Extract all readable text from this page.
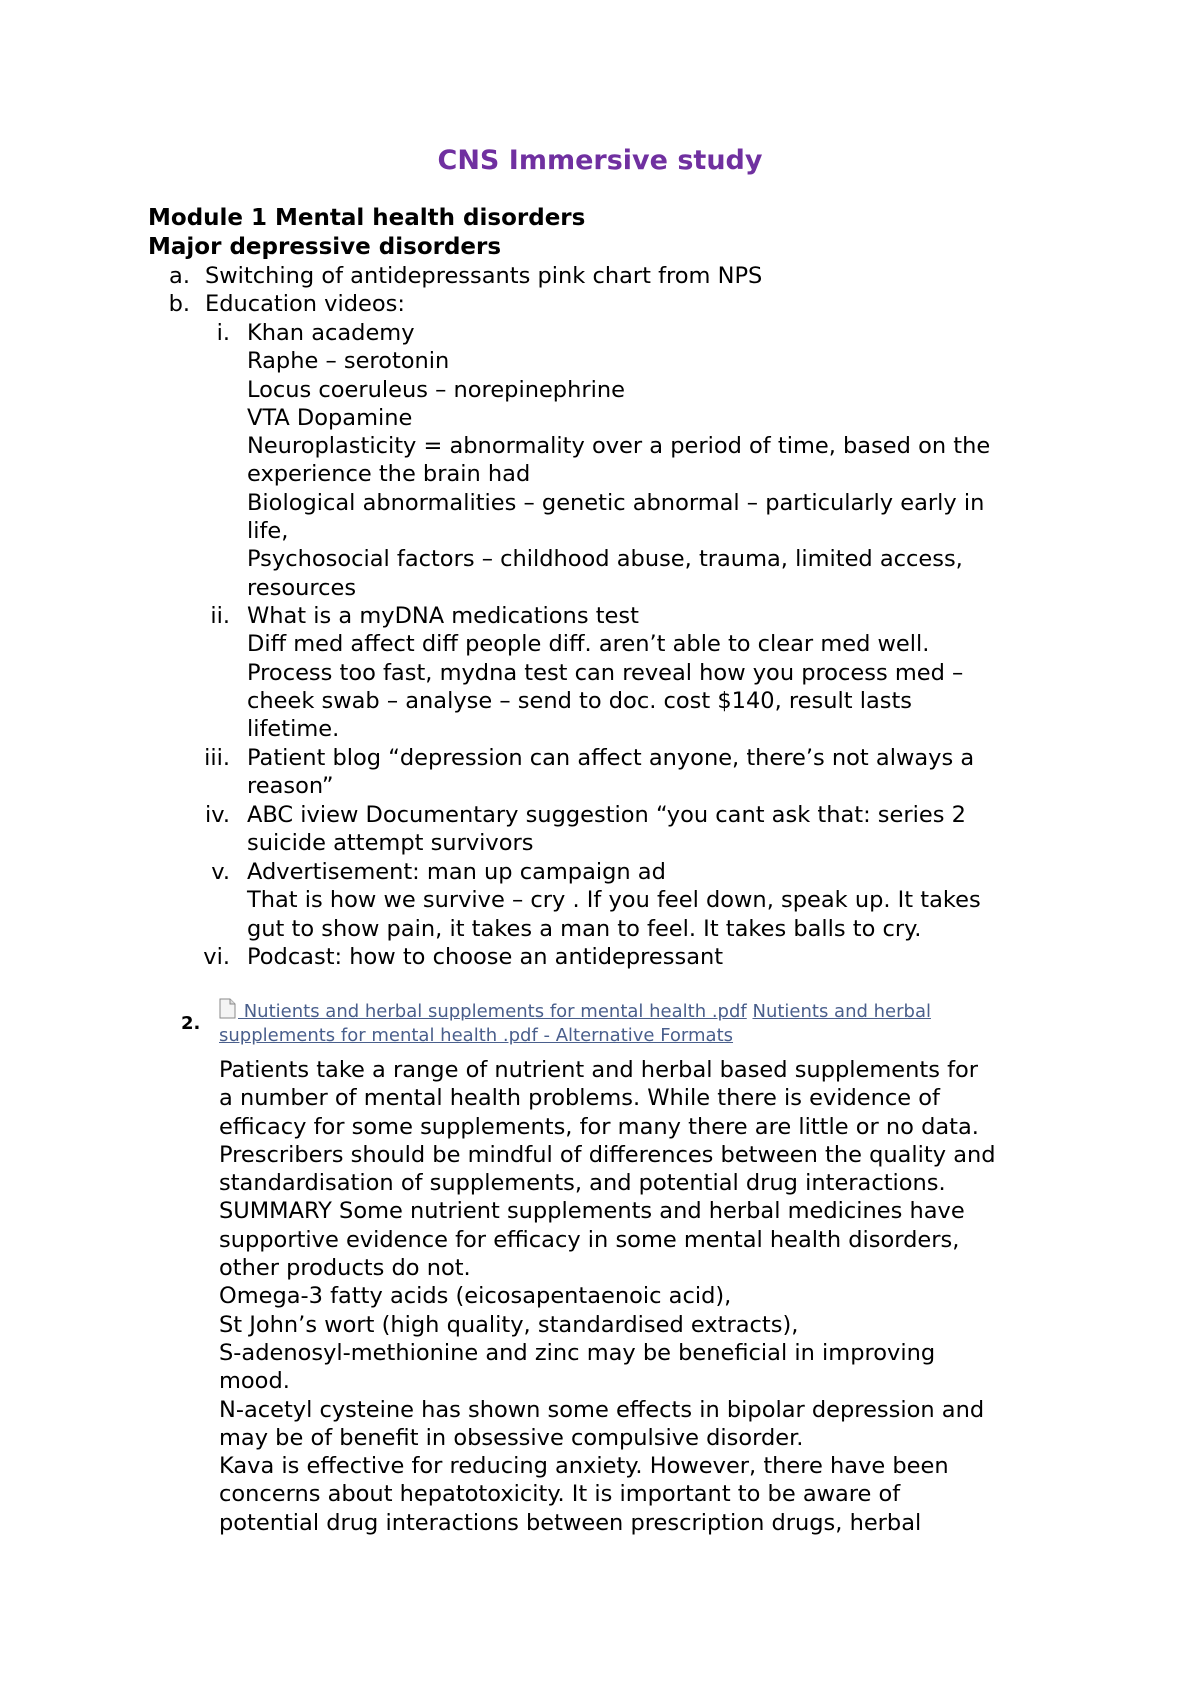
CNS Immersive study
Module 1 Mental health disorders
Major depressive disorders
a. Switching of antidepressants pink chart from NPS
b. Education videos:
i. Khan academy
Raphe – serotonin
Locus coeruleus – norepinephrine
VTA Dopamine
Neuroplasticity = abnormality over a period of time, based on the
experience the brain had
Biological abnormalities – genetic abnormal – particularly early in
life,
Psychosocial factors – childhood abuse, trauma, limited access,
resources
ii. What is a myDNA medications test
Diff med affect diff people diff. aren’t able to clear med well.
Process too fast, mydna test can reveal how you process med –
cheek swab – analyse – send to doc. cost $140, result lasts
lifetime.
iii. Patient blog “depression can affect anyone, there’s not always a
reason”
iv. ABC iview Documentary suggestion “you cant ask that: series 2
suicide attempt survivors
v. Advertisement: man up campaign ad
That is how we survive – cry . If you feel down, speak up. It takes
gut to show pain, it takes a man to feel. It takes balls to cry.
vi. Podcast: how to choose an antidepressant
2.
Nutients and herbal supplements for mental health .pdf Nutients and herbal
supplements for mental health .pdf - Alternative Formats
Patients take a range of nutrient and herbal based supplements for
a number of mental health problems. While there is evidence of
efficacy for some supplements, for many there are little or no data.
Prescribers should be mindful of differences between the quality and
standardisation of supplements, and potential drug interactions.
SUMMARY Some nutrient supplements and herbal medicines have
supportive evidence for efficacy in some mental health disorders,
other products do not.
Omega-3 fatty acids (eicosapentaenoic acid),
St John’s wort (high quality, standardised extracts),
S-adenosyl-methionine and zinc may be beneficial in improving
mood.
N-acetyl cysteine has shown some effects in bipolar depression and
may be of benefit in obsessive compulsive disorder.
Kava is effective for reducing anxiety. However, there have been
concerns about hepatotoxicity. It is important to be aware of
potential drug interactions between prescription drugs, herbal
